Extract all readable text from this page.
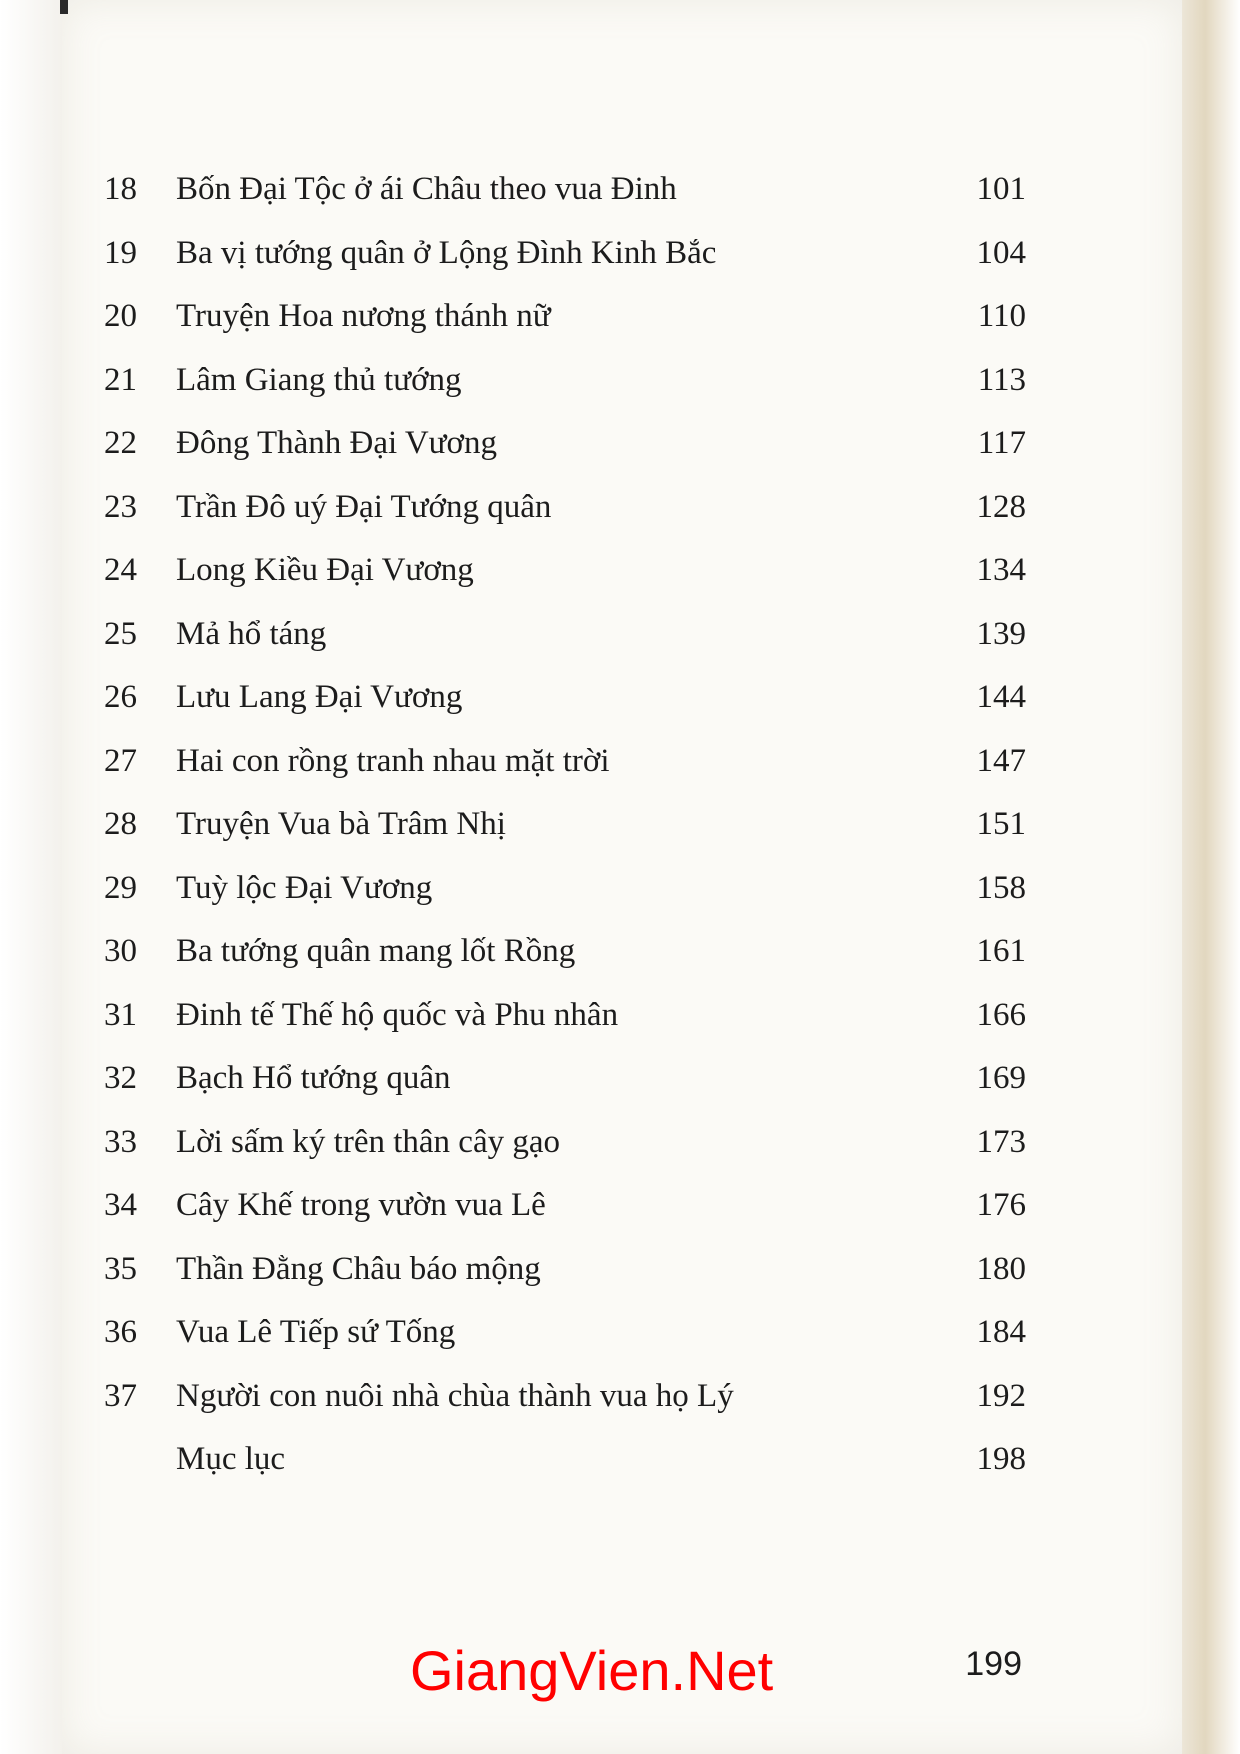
18	Bốn Đại Tộc ở ái Châu theo vua Đinh	101
19	Ba vị tướng quân ở Lộng Đình Kinh Bắc	104
20	Truyện Hoa nương thánh nữ	110
21	Lâm Giang thủ tướng	113
22	Đông Thành Đại Vương	117
23	Trần Đô uý Đại Tướng quân	128
24	Long Kiều Đại Vương	134
25	Mả hổ táng	139
26	Lưu Lang Đại Vương	144
27	Hai con rồng tranh nhau mặt trời	147
28	Truyện Vua bà Trâm Nhị	151
29	Tuỳ lộc Đại Vương	158
30	Ba tướng quân mang lốt Rồng	161
31	Đinh tế Thế hộ quốc và Phu nhân	166
32	Bạch Hổ tướng quân	169
33	Lời sấm ký trên thân cây gạo	173
34	Cây Khế trong vườn vua Lê	176
35	Thần Đằng Châu báo mộng	180
36	Vua Lê Tiếp sứ Tống	184
37	Người con nuôi nhà chùa thành vua họ Lý	192
Mục lục	198
GiangVien.Net	199
